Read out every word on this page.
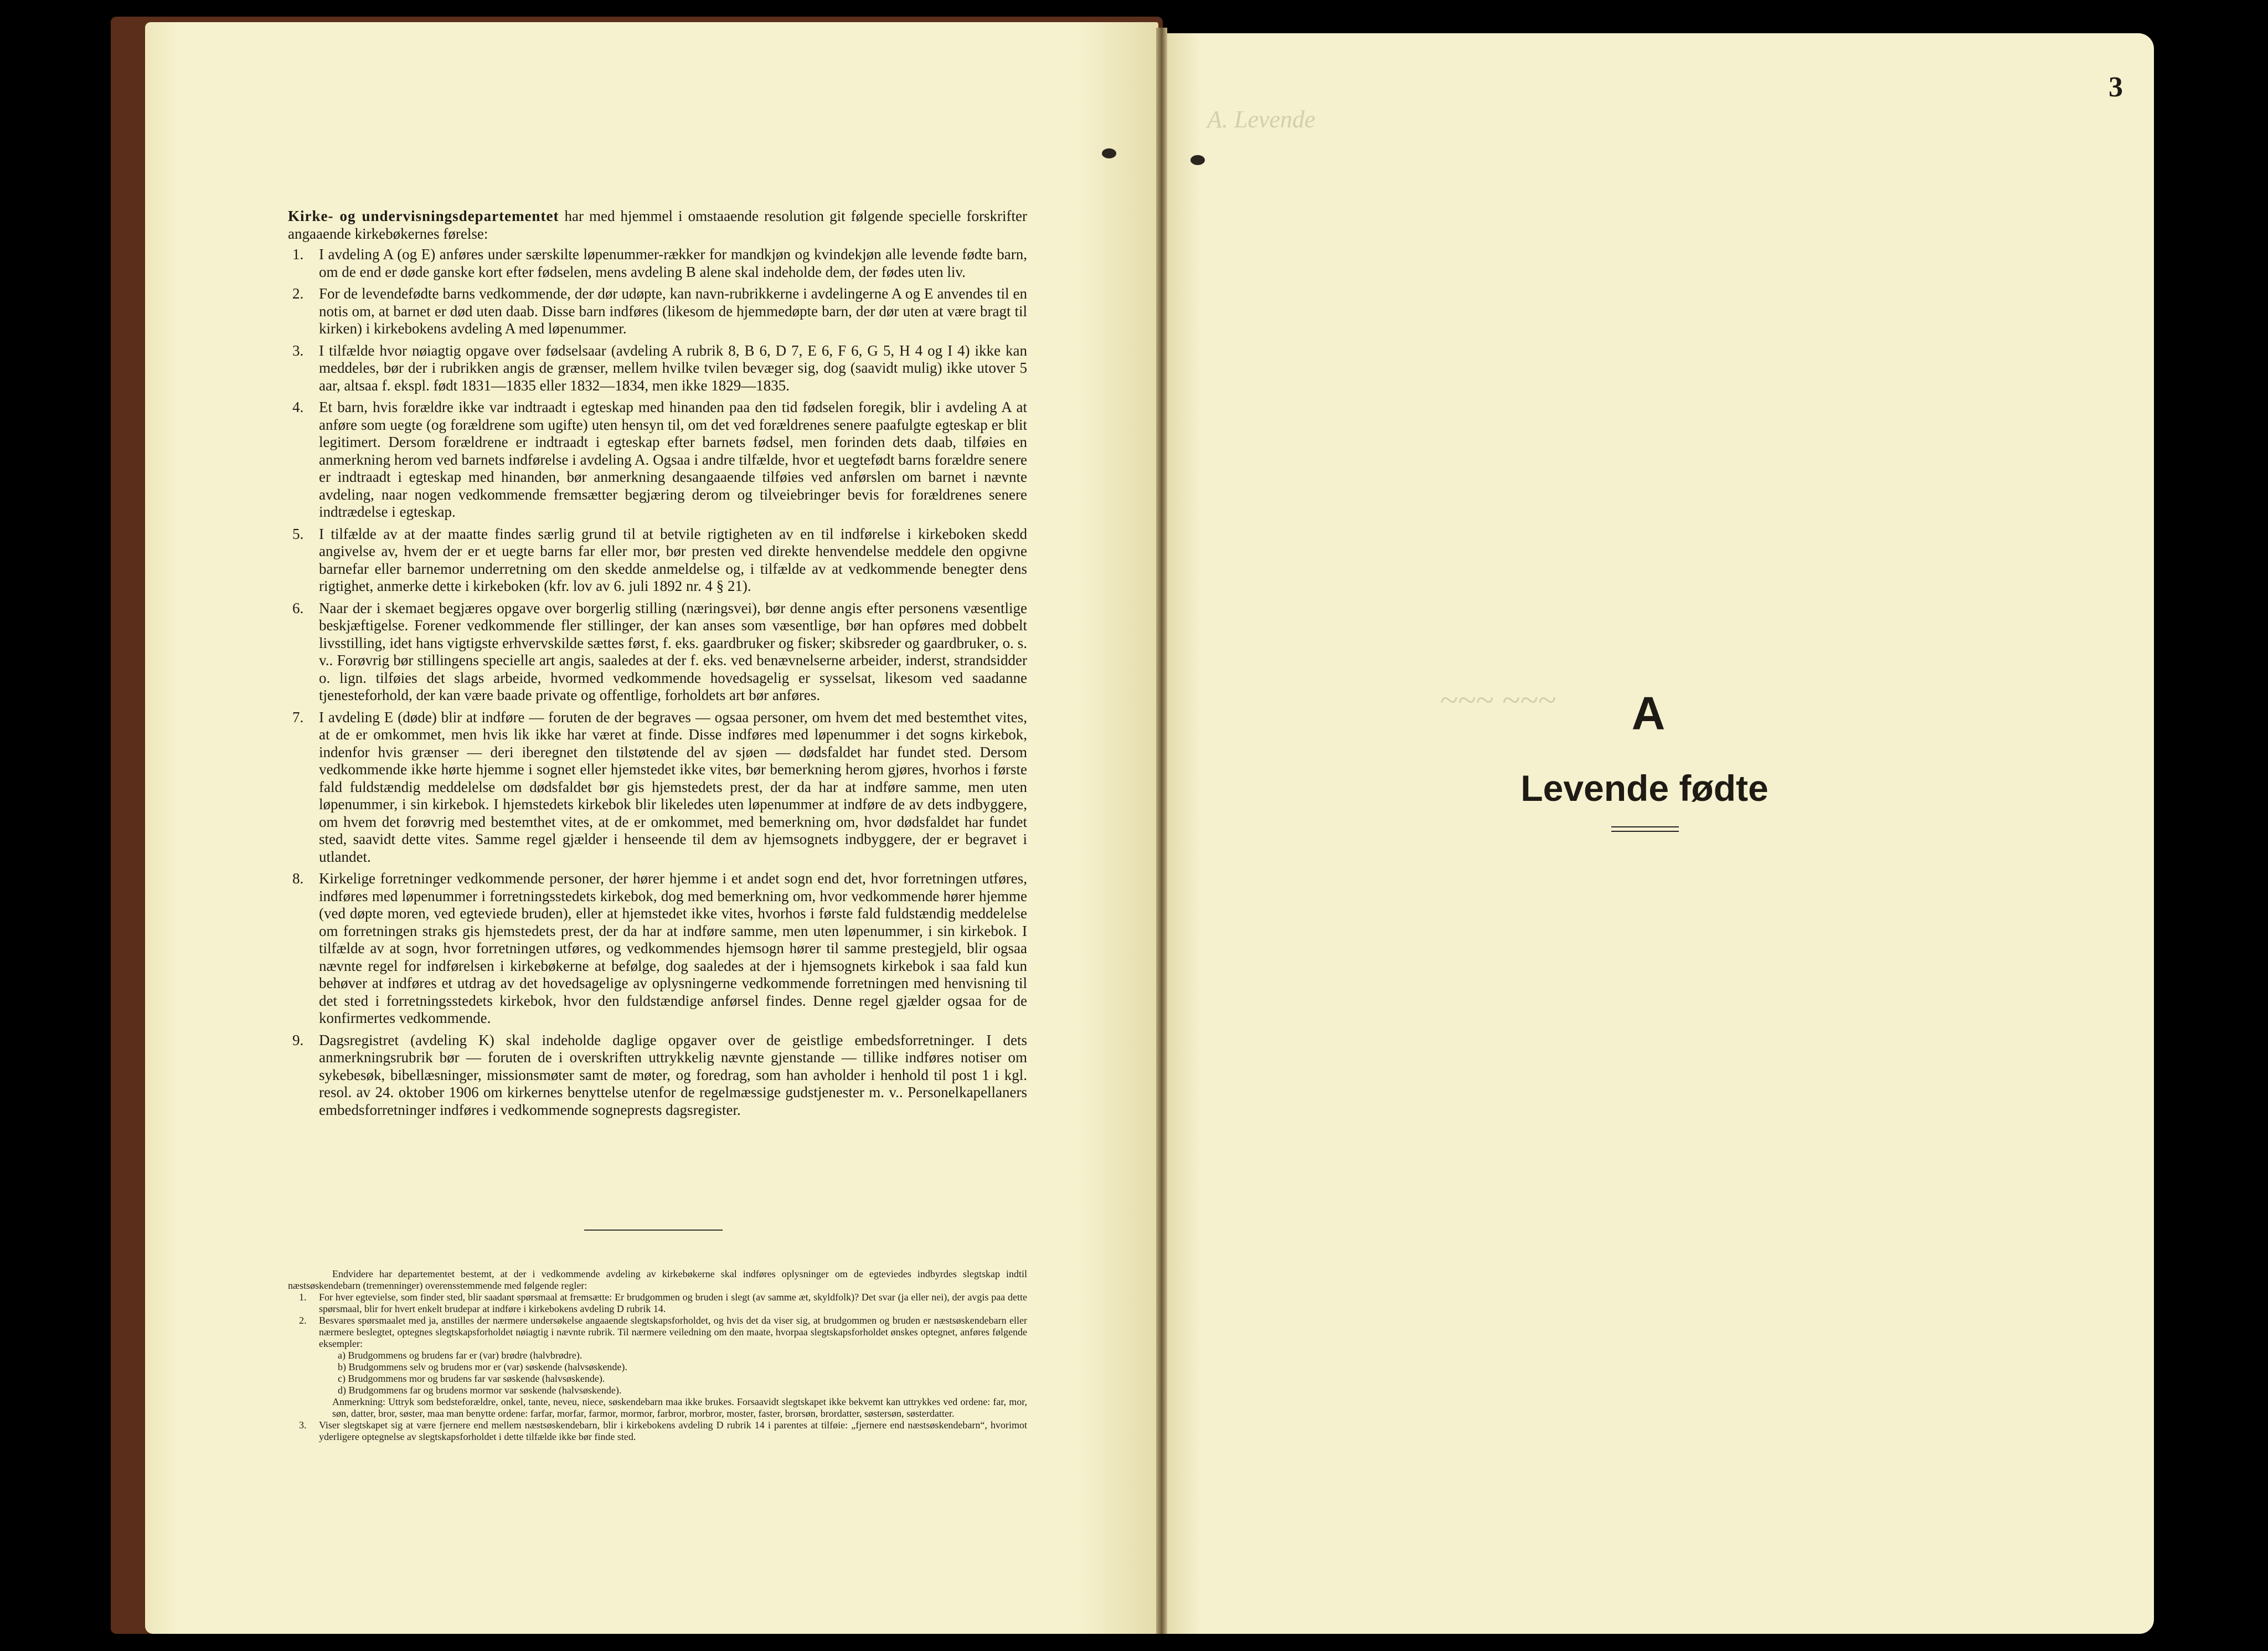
A. Levende
~~~ ~~~

Kirke- og undervisningsdepartementet har med hjemmel i omstaaende resolution git følgende specielle forskrifter angaaende kirkebøkernes førelse:

1. I avdeling A (og E) anføres under særskilte løpenummer-rækker for mandkjøn og kvindekjøn alle levende fødte barn, om de end er døde ganske kort efter fødselen, mens avdeling B alene skal indeholde dem, der fødes uten liv.
2. For de levendefødte barns vedkommende, der dør udøpte, kan navn-rubrikkerne i avdelingerne A og E anvendes til en notis om, at barnet er død uten daab. Disse barn indføres (likesom de hjemmedøpte barn, der dør uten at være bragt til kirken) i kirkebokens avdeling A med løpenummer.
3. I tilfælde hvor nøiagtig opgave over fødselsaar (avdeling A rubrik 8, B 6, D 7, E 6, F 6, G 5, H 4 og I 4) ikke kan meddeles, bør der i rubrikken angis de grænser, mellem hvilke tvilen bevæger sig, dog (saavidt mulig) ikke utover 5 aar, altsaa f. ekspl. født 1831—1835 eller 1832—1834, men ikke 1829—1835.
4. Et barn, hvis forældre ikke var indtraadt i egteskap med hinanden paa den tid fødselen foregik, blir i avdeling A at anføre som uegte (og forældrene som ugifte) uten hensyn til, om det ved forældrenes senere paafulgte egteskap er blit legitimert. Dersom forældrene er indtraadt i egteskap efter barnets fødsel, men forinden dets daab, tilføies en anmerkning herom ved barnets indførelse i avdeling A. Ogsaa i andre tilfælde, hvor et uegtefødt barns forældre senere er indtraadt i egteskap med hinanden, bør anmerkning desangaaende tilføies ved anførslen om barnet i nævnte avdeling, naar nogen vedkommende fremsætter begjæring derom og tilveiebringer bevis for forældrenes senere indtrædelse i egteskap.
5. I tilfælde av at der maatte findes særlig grund til at betvile rigtigheten av en til indførelse i kirkeboken skedd angivelse av, hvem der er et uegte barns far eller mor, bør presten ved direkte henvendelse meddele den opgivne barnefar eller barnemor underretning om den skedde anmeldelse og, i tilfælde av at vedkommende benegter dens rigtighet, anmerke dette i kirkeboken (kfr. lov av 6. juli 1892 nr. 4 § 21).
6. Naar der i skemaet begjæres opgave over borgerlig stilling (næringsvei), bør denne angis efter personens væsentlige beskjæftigelse. Forener vedkommende fler stillinger, der kan anses som væsentlige, bør han opføres med dobbelt livsstilling, idet hans vigtigste erhvervskilde sættes først, f. eks. gaardbruker og fisker; skibsreder og gaardbruker, o. s. v.. Forøvrig bør stillingens specielle art angis, saaledes at der f. eks. ved benævnelserne arbeider, inderst, strandsidder o. lign. tilføies det slags arbeide, hvormed vedkommende hovedsagelig er sysselsat, likesom ved saadanne tjenesteforhold, der kan være baade private og offentlige, forholdets art bør anføres.
7. I avdeling E (døde) blir at indføre — foruten de der begraves — ogsaa personer, om hvem det med bestemthet vites, at de er omkommet, men hvis lik ikke har været at finde. Disse indføres med løpenummer i det sogns kirkebok, indenfor hvis grænser — deri iberegnet den tilstøtende del av sjøen — dødsfaldet har fundet sted. Dersom vedkommende ikke hørte hjemme i sognet eller hjemstedet ikke vites, bør bemerkning herom gjøres, hvorhos i første fald fuldstændig meddelelse om dødsfaldet bør gis hjemstedets prest, der da har at indføre samme, men uten løpenummer, i sin kirkebok. I hjemstedets kirkebok blir likeledes uten løpenummer at indføre de av dets indbyggere, om hvem det forøvrig med bestemthet vites, at de er omkommet, med bemerkning om, hvor dødsfaldet har fundet sted, saavidt dette vites. Samme regel gjælder i henseende til dem av hjemsognets indbyggere, der er begravet i utlandet.
8. Kirkelige forretninger vedkommende personer, der hører hjemme i et andet sogn end det, hvor forretningen utføres, indføres med løpenummer i forretningsstedets kirkebok, dog med bemerkning om, hvor vedkommende hører hjemme (ved døpte moren, ved egteviede bruden), eller at hjemstedet ikke vites, hvorhos i første fald fuldstændig meddelelse om forretningen straks gis hjemstedets prest, der da har at indføre samme, men uten løpenummer, i sin kirkebok. I tilfælde av at sogn, hvor forretningen utføres, og vedkommendes hjemsogn hører til samme prestegjeld, blir ogsaa nævnte regel for indførelsen i kirkebøkerne at befølge, dog saaledes at der i hjemsognets kirkebok i saa fald kun behøver at indføres et utdrag av det hovedsagelige av oplysningerne vedkommende forretningen med henvisning til det sted i forretningsstedets kirkebok, hvor den fuldstændige anførsel findes. Denne regel gjælder ogsaa for de konfirmertes vedkommende.
9. Dagsregistret (avdeling K) skal indeholde daglige opgaver over de geistlige embedsforretninger. I dets anmerkningsrubrik bør — foruten de i overskriften uttrykkelig nævnte gjenstande — tillike indføres notiser om sykebesøk, bibellæsninger, missionsmøter samt de møter, og foredrag, som han avholder i henhold til post 1 i kgl. resol. av 24. oktober 1906 om kirkernes benyttelse utenfor de regelmæssige gudstjenester m. v.. Personelkapellaners embedsforretninger indføres i vedkommende sogneprests dagsregister.

Endvidere har departementet bestemt, at der i vedkommende avdeling av kirkebøkerne skal indføres oplysninger om de egteviedes indbyrdes slegtskap indtil næstsøskendebarn (tremenninger) overensstemmende med følgende regler:

1. For hver egtevielse, som finder sted, blir saadant spørsmaal at fremsætte: Er brudgommen og bruden i slegt (av samme æt, skyldfolk)? Det svar (ja eller nei), der avgis paa dette spørsmaal, blir for hvert enkelt brudepar at indføre i kirkebokens avdeling D rubrik 14.
2. Besvares spørsmaalet med ja, anstilles der nærmere undersøkelse angaaende slegtskapsforholdet, og hvis det da viser sig, at brudgommen og bruden er næstsøskendebarn eller nærmere beslegtet, optegnes slegtskapsforholdet nøiagtig i nævnte rubrik. Til nærmere veiledning om den maate, hvorpaa slegtskapsforholdet ønskes optegnet, anføres følgende eksempler:

a) Brudgommens og brudens far er (var) brødre (halvbrødre).

b) Brudgommens selv og brudens mor er (var) søskende (halvsøskende).

c) Brudgommens mor og brudens far var søskende (halvsøskende).

d) Brudgommens far og brudens mormor var søskende (halvsøskende).

Anmerkning: Uttryk som bedsteforældre, onkel, tante, neveu, niece, søskendebarn maa ikke brukes. Forsaavidt slegtskapet ikke bekvemt kan uttrykkes ved ordene: far, mor, søn, datter, bror, søster, maa man benytte ordene: farfar, morfar, farmor, mormor, farbror, morbror, moster, faster, brorsøn, brordatter, søstersøn, søsterdatter.

3. Viser slegtskapet sig at være fjernere end mellem næstsøskendebarn, blir i kirkebokens avdeling D rubrik 14 i parentes at tilføie: „fjernere end næstsøskendebarn“, hvorimot yderligere optegnelse av slegtskapsforholdet i dette tilfælde ikke bør finde sted.
3
A
Levende fødte
